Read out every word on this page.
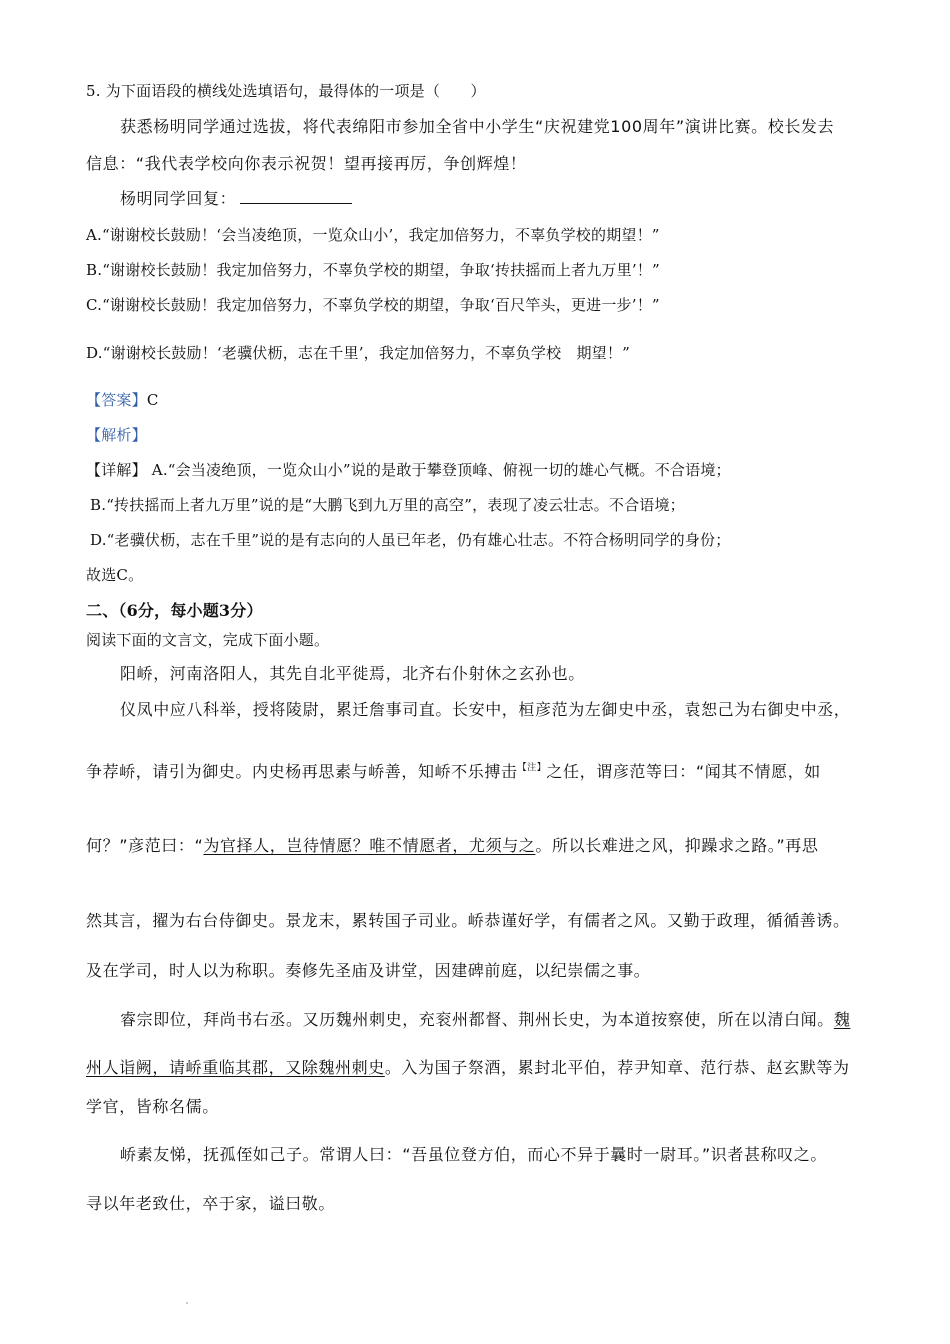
5. 为下面语段的横线处选填语句，最得体的一项是（　　）
获悉杨明同学通过选拔，将代表绵阳市参加全省中小学生“庆祝建党100周年”演讲比赛。校长发去
信息：“我代表学校向你表示祝贺！望再接再厉，争创辉煌！
杨明同学回复：
A.“谢谢校长鼓励！‘会当凌绝顶，一览众山小’，我定加倍努力，不辜负学校的期望！”
B.“谢谢校长鼓励！我定加倍努力，不辜负学校的期望，争取‘抟扶摇而上者九万里’！”
C.“谢谢校长鼓励！我定加倍努力，不辜负学校的期望，争取‘百尺竿头，更进一步’！”
D.“谢谢校长鼓励！‘老骥伏枥，志在千里’，我定加倍努力，不辜负学校　期望！”
【答案】C
【解析】
【详解】 A.“会当凌绝顶，一览众山小”说的是敢于攀登顶峰、俯视一切的雄心气概。不合语境；
B.“抟扶摇而上者九万里”说的是“大鹏飞到九万里的高空”，表现了凌云壮志。不合语境；
D.“老骥伏枥，志在千里”说的是有志向的人虽已年老，仍有雄心壮志。不符合杨明同学的身份；
故选C。
二、（6分，每小题3分）
阅读下面的文言文，完成下面小题。
阳峤，河南洛阳人，其先自北平徙焉，北齐右仆射休之玄孙也。
仪凤中应八科举，授将陵尉，累迁詹事司直。长安中，桓彦范为左御史中丞，袁恕己为右御史中丞，
争荐峤，请引为御史。内史杨再思素与峤善，知峤不乐搏击$^{【注】}$之任，谓彦范等曰：“闻其不情愿，如
何？”彦范曰：“为官择人，岂待情愿？唯不情愿者，尤须与之。所以长难进之风，抑躁求之路。”再思
然其言，擢为右台侍御史。景龙末，累转国子司业。峤恭谨好学，有儒者之风。又勤于政理，循循善诱。
及在学司，时人以为称职。奏修先圣庙及讲堂，因建碑前庭，以纪崇儒之事。
睿宗即位，拜尚书右丞。又历魏州刺史，充衮州都督、荆州长史，为本道按察使，所在以清白闻。魏
州人诣阙，请峤重临其郡，又除魏州刺史。入为国子祭酒，累封北平伯，荐尹知章、范行恭、赵玄默等为
学官，皆称名儒。
峤素友悌，抚孤侄如己子。常谓人曰：“吾虽位登方伯，而心不异于曩时一尉耳。”识者甚称叹之。
寻以年老致仕，卒于家，谥曰敬。
